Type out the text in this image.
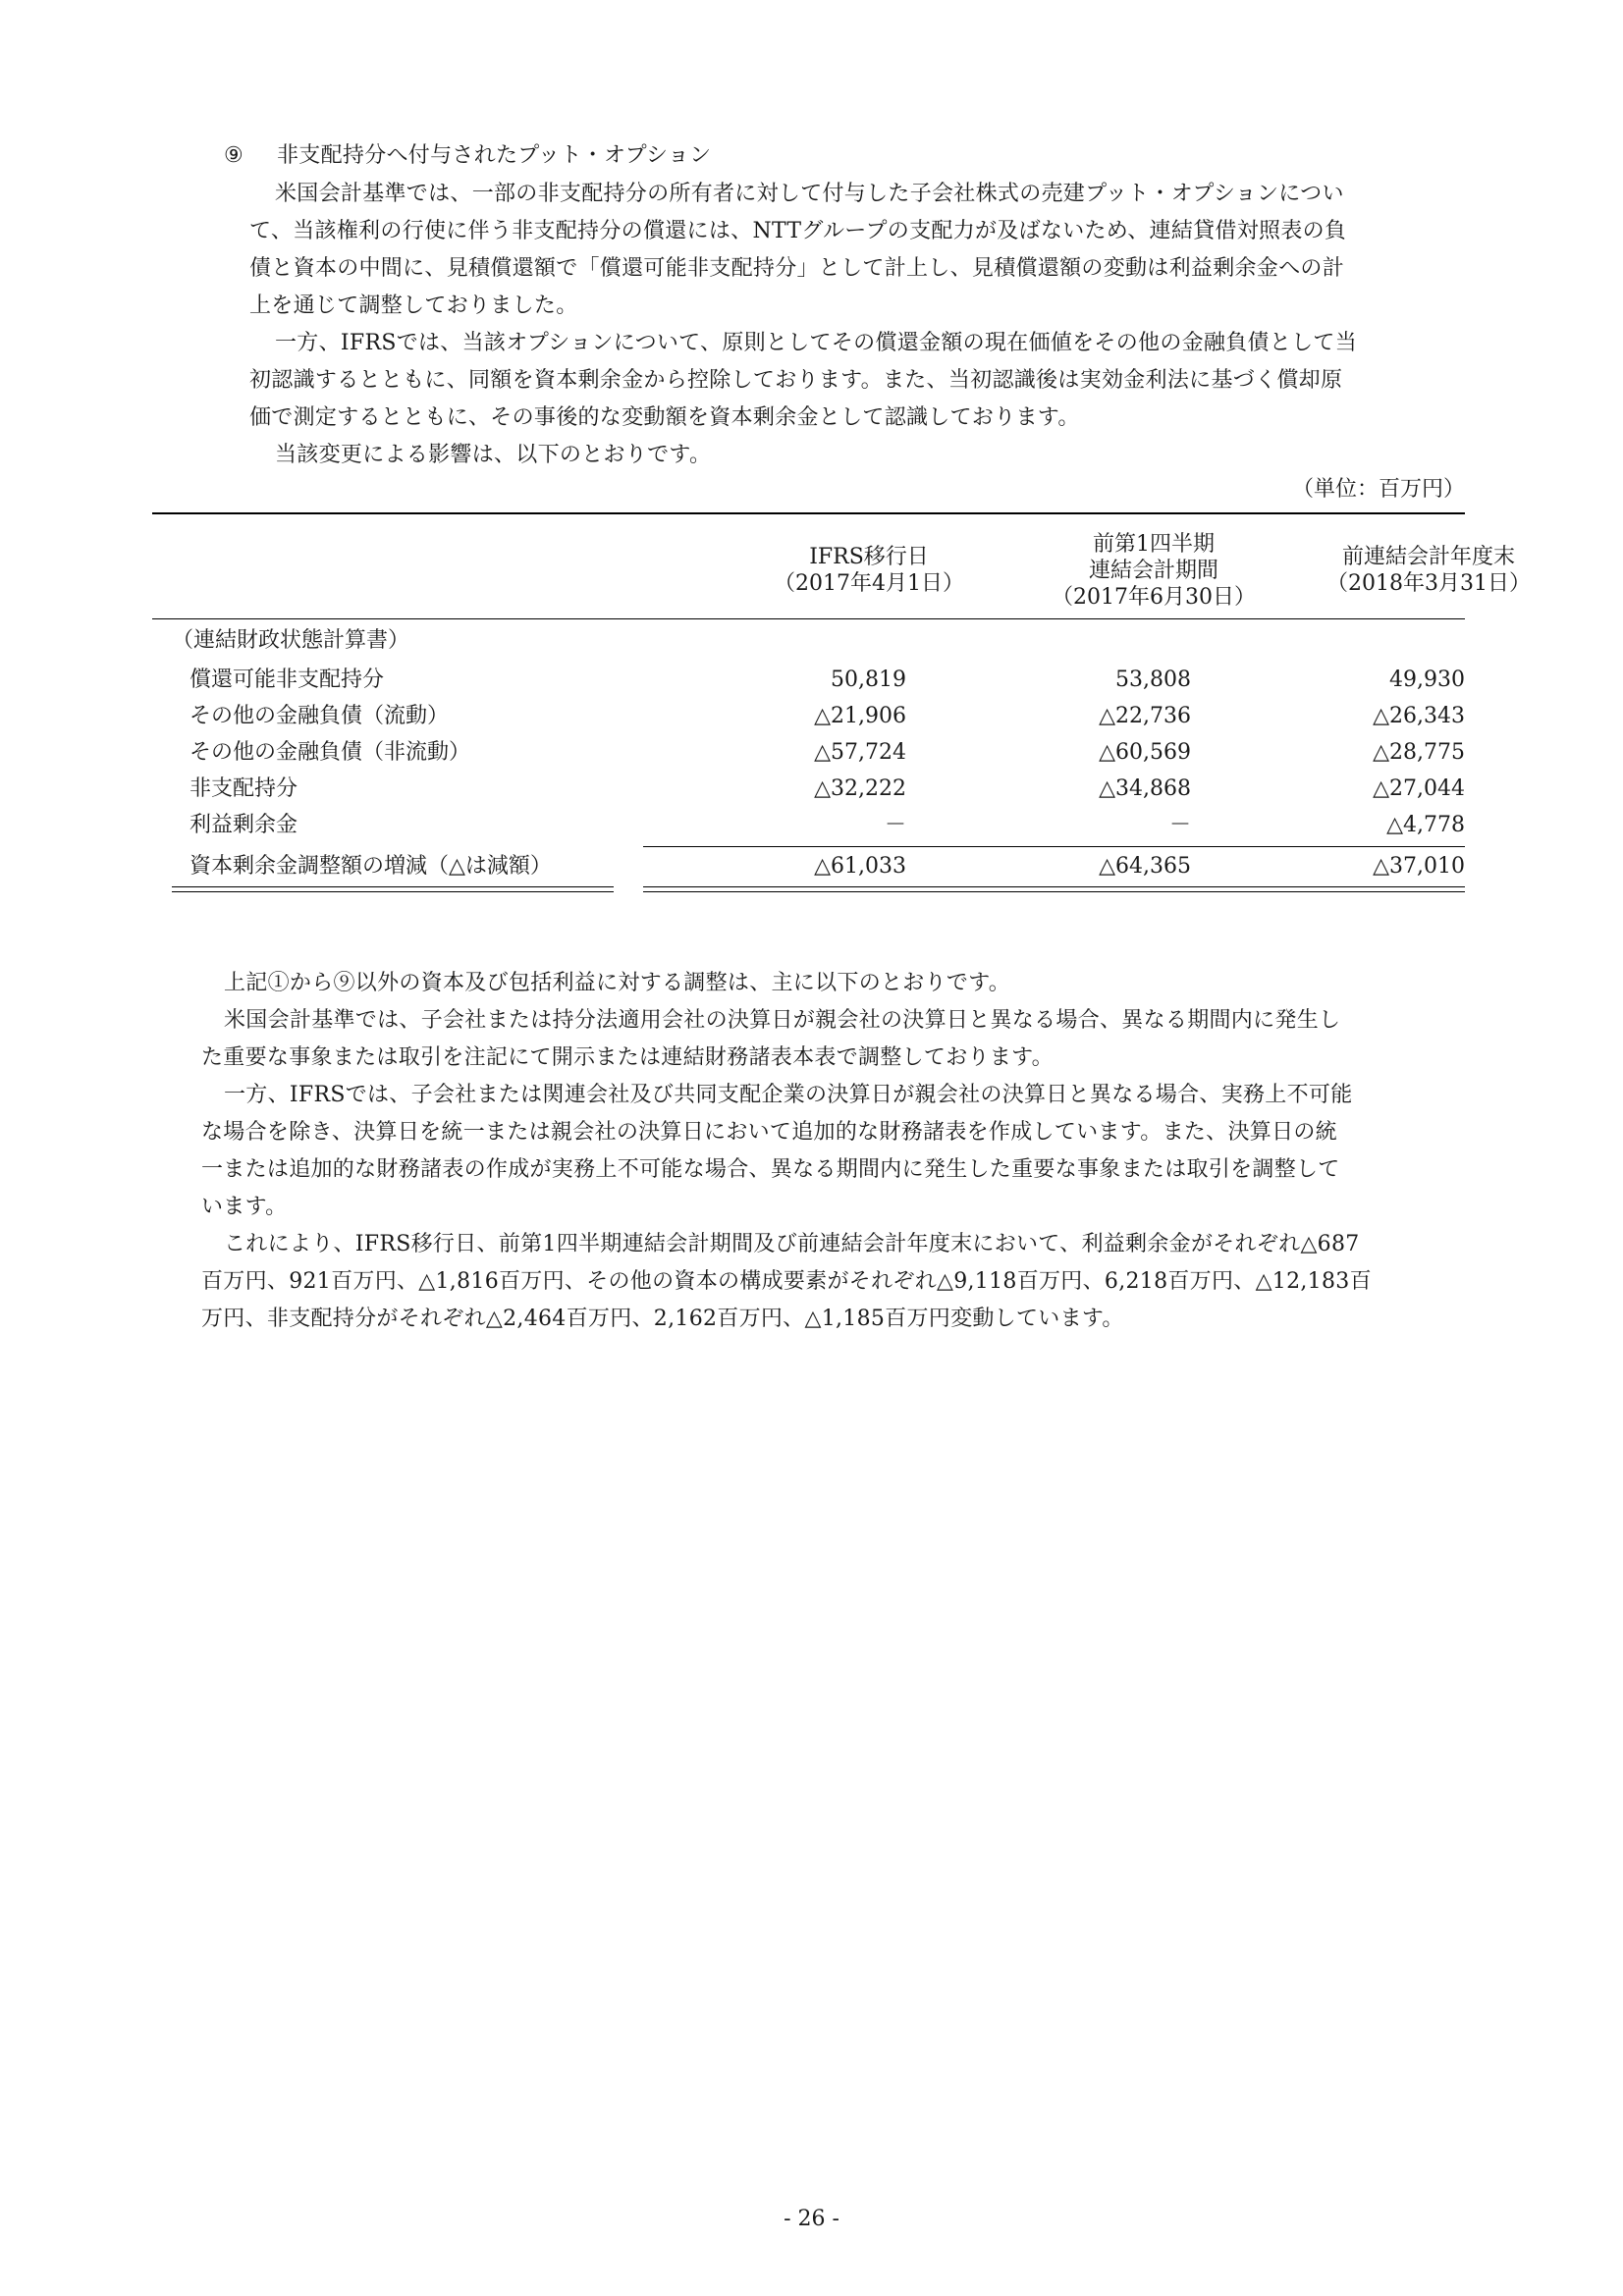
⑨ 非支配持分へ付与されたプット・オプション
米国会計基準では、一部の非支配持分の所有者に対して付与した子会社株式の売建プット・オプションについ
て、当該権利の行使に伴う非支配持分の償還には、NTTグループの支配力が及ばないため、連結貸借対照表の負
債と資本の中間に、見積償還額で「償還可能非支配持分」として計上し、見積償還額の変動は利益剰余金への計
上を通じて調整しておりました。
一方、IFRSでは、当該オプションについて、原則としてその償還金額の現在価値をその他の金融負債として当
初認識するとともに、同額を資本剰余金から控除しております。また、当初認識後は実効金利法に基づく償却原
価で測定するとともに、その事後的な変動額を資本剰余金として認識しております。
当該変更による影響は、以下のとおりです。
（単位：百万円）
IFRS移行日
（2017年4月1日）
前第1四半期
連結会計期間
（2017年6月30日）
前連結会計年度末
（2018年3月31日）
（連結財政状態計算書）
償還可能非支配持分	50,819	53,808	49,930
その他の金融負債（流動）	△21,906	△22,736	△26,343
その他の金融負債（非流動）	△57,724	△60,569	△28,775
非支配持分	△32,222	△34,868	△27,044
利益剰余金	－	－	△4,778
資本剰余金調整額の増減（△は減額）	△61,033	△64,365	△37,010
上記①から⑨以外の資本及び包括利益に対する調整は、主に以下のとおりです。
米国会計基準では、子会社または持分法適用会社の決算日が親会社の決算日と異なる場合、異なる期間内に発生し
た重要な事象または取引を注記にて開示または連結財務諸表本表で調整しております。
一方、IFRSでは、子会社または関連会社及び共同支配企業の決算日が親会社の決算日と異なる場合、実務上不可能
な場合を除き、決算日を統一または親会社の決算日において追加的な財務諸表を作成しています。また、決算日の統
一または追加的な財務諸表の作成が実務上不可能な場合、異なる期間内に発生した重要な事象または取引を調整して
います。
これにより、IFRS移行日、前第1四半期連結会計期間及び前連結会計年度末において、利益剰余金がそれぞれ△687
百万円、921百万円、△1,816百万円、その他の資本の構成要素がそれぞれ△9,118百万円、6,218百万円、△12,183百
万円、非支配持分がそれぞれ△2,464百万円、2,162百万円、△1,185百万円変動しています。
- 26 -
